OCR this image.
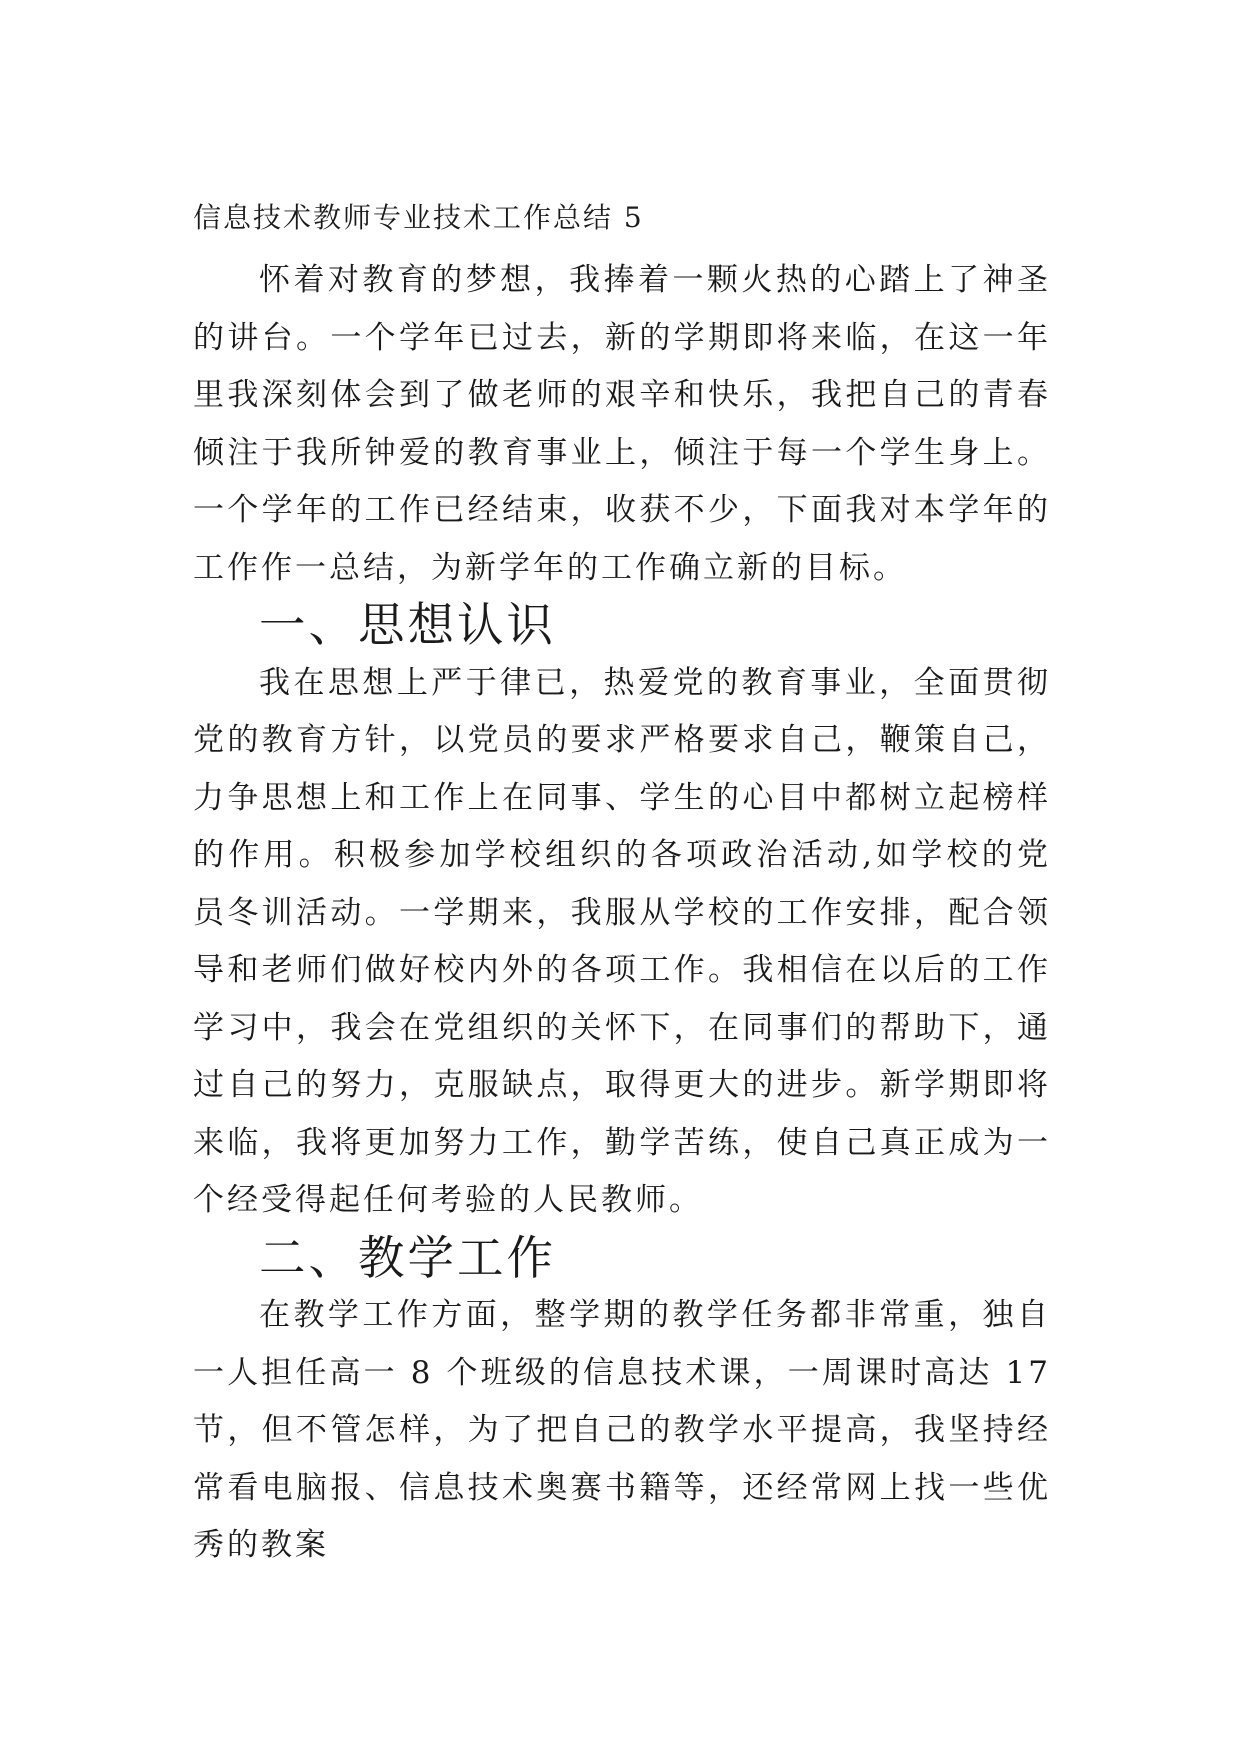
信息技术教师专业技术工作总结 5

怀着对教育的梦想，我捧着一颗火热的心踏上了神圣的讲台。一个学年已过去，新的学期即将来临，在这一年里我深刻体会到了做老师的艰辛和快乐，我把自己的青春倾注于我所钟爱的教育事业上，倾注于每一个学生身上。一个学年的工作已经结束，收获不少，下面我对本学年的工作作一总结，为新学年的工作确立新的目标。

一、思想认识

我在思想上严于律已，热爱党的教育事业，全面贯彻党的教育方针，以党员的要求严格要求自己，鞭策自己，力争思想上和工作上在同事、学生的心目中都树立起榜样的作用。积极参加学校组织的各项政治活动,如学校的党员冬训活动。一学期来，我服从学校的工作安排，配合领导和老师们做好校内外的各项工作。我相信在以后的工作学习中，我会在党组织的关怀下，在同事们的帮助下，通过自己的努力，克服缺点，取得更大的进步。新学期即将来临，我将更加努力工作，勤学苦练，使自己真正成为一个经受得起任何考验的人民教师。

二、教学工作

在教学工作方面，整学期的教学任务都非常重，独自一人担任高一 8 个班级的信息技术课，一周课时高达 17 节，但不管怎样，为了把自己的教学水平提高，我坚持经常看电脑报、信息技术奥赛书籍等，还经常网上找一些优秀的教案
